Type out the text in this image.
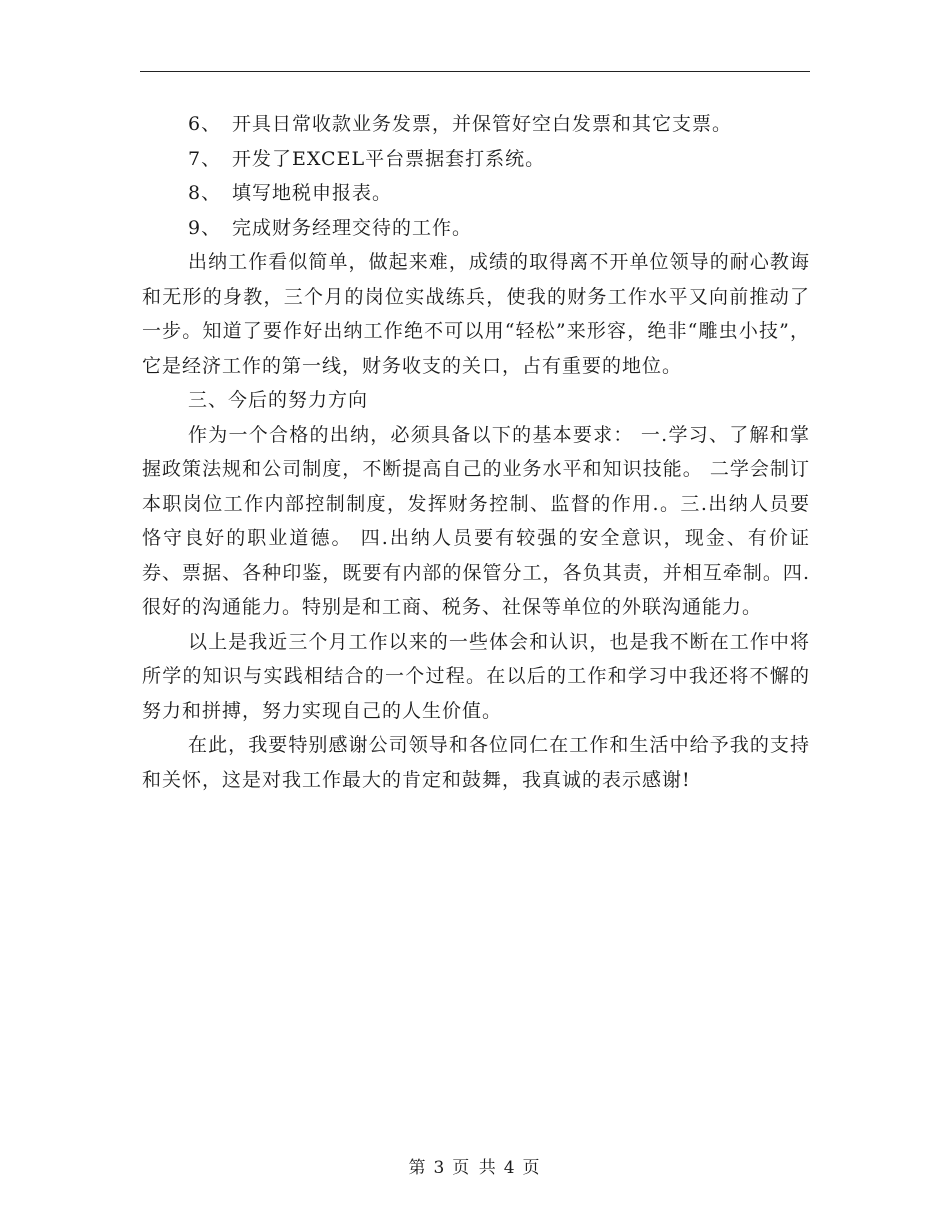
6、 开具日常收款业务发票，并保管好空白发票和其它支票。

7、 开发了EXCEL平台票据套打系统。

8、 填写地税申报表。

9、 完成财务经理交待的工作。

出纳工作看似简单，做起来难，成绩的取得离不开单位领导的耐心教诲和无形的身教，三个月的岗位实战练兵，使我的财务工作水平又向前推动了一步。知道了要作好出纳工作绝不可以用“轻松”来形容，绝非“雕虫小技”，它是经济工作的第一线，财务收支的关口，占有重要的地位。

三、今后的努力方向

作为一个合格的出纳，必须具备以下的基本要求： 一.学习、了解和掌握政策法规和公司制度，不断提高自己的业务水平和知识技能。 二学会制订本职岗位工作内部控制制度，发挥财务控制、监督的作用.。三.出纳人员要恪守良好的职业道德。 四.出纳人员要有较强的安全意识，现金、有价证券、票据、各种印鉴，既要有内部的保管分工，各负其责，并相互牵制。四.很好的沟通能力。特别是和工商、税务、社保等单位的外联沟通能力。

以上是我近三个月工作以来的一些体会和认识，也是我不断在工作中将所学的知识与实践相结合的一个过程。在以后的工作和学习中我还将不懈的努力和拼搏，努力实现自己的人生价值。

在此，我要特别感谢公司领导和各位同仁在工作和生活中给予我的支持和关怀，这是对我工作最大的肯定和鼓舞，我真诚的表示感谢!

第 3 页 共 4 页
